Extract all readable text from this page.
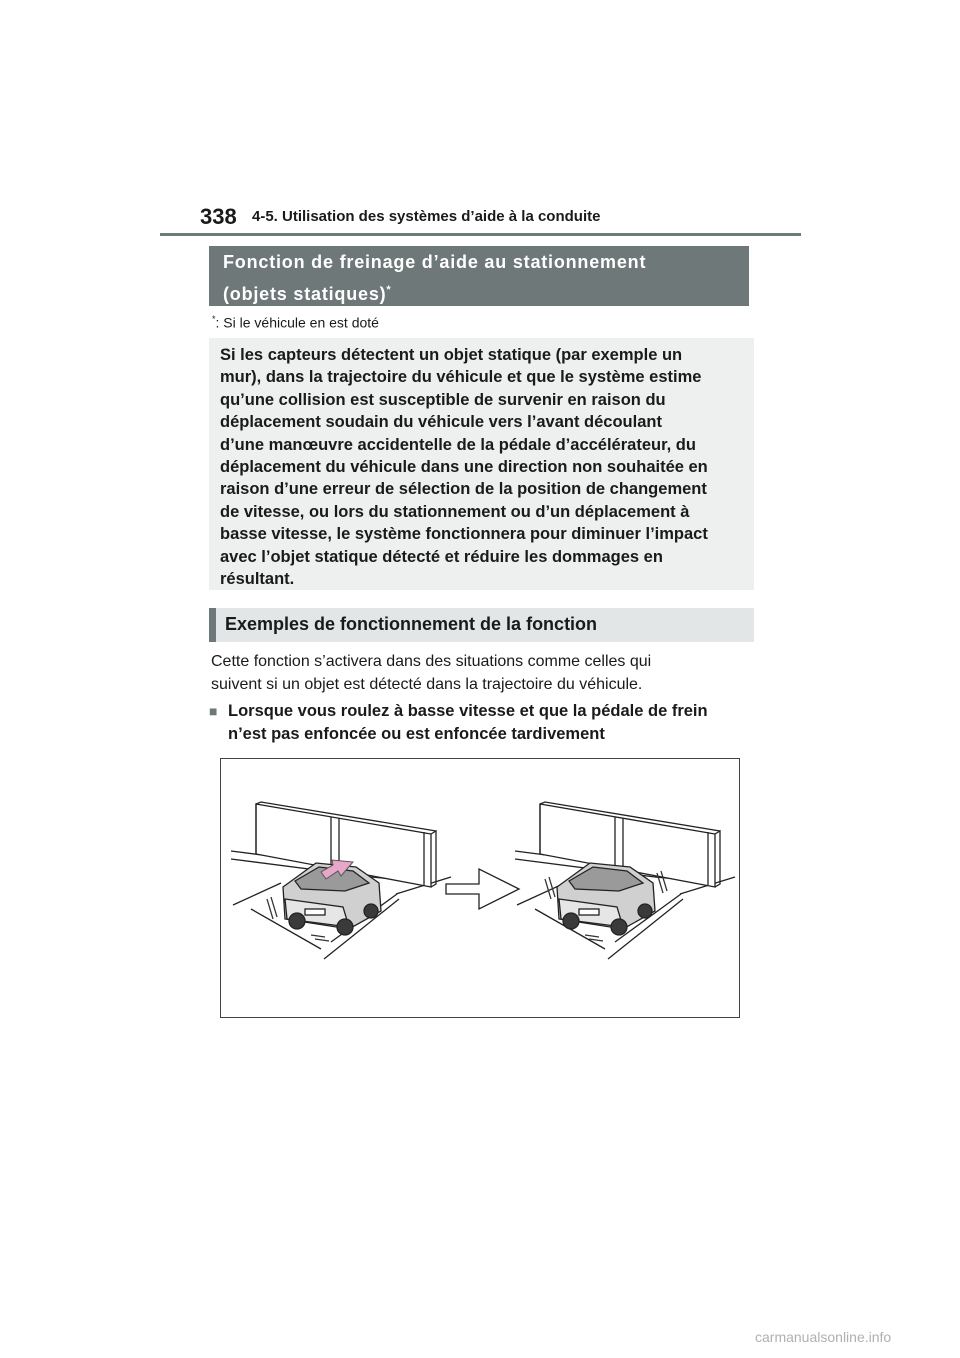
338 4-5. Utilisation des systèmes d’aide à la conduite
Fonction de freinage d’aide au stationnement
(objets statiques)*
*: Si le véhicule en est doté

Si les capteurs détectent un objet statique (par exemple un
mur), dans la trajectoire du véhicule et que le système estime
qu’une collision est susceptible de survenir en raison du
déplacement soudain du véhicule vers l’avant découlant
d’une manœuvre accidentelle de la pédale d’accélérateur, du
déplacement du véhicule dans une direction non souhaitée en
raison d’une erreur de sélection de la position de changement
de vitesse, ou lors du stationnement ou d’un déplacement à
basse vitesse, le système fonctionnera pour diminuer l’impact
avec l’objet statique détecté et réduire les dommages en
résultant.

Exemples de fonctionnement de la fonction

Cette fonction s’activera dans des situations comme celles qui
suivent si un objet est détecté dans la trajectoire du véhicule.

■ Lorsque vous roulez à basse vitesse et que la pédale de frein
n’est pas enfoncée ou est enfoncée tardivement
carmanualsonline.info
